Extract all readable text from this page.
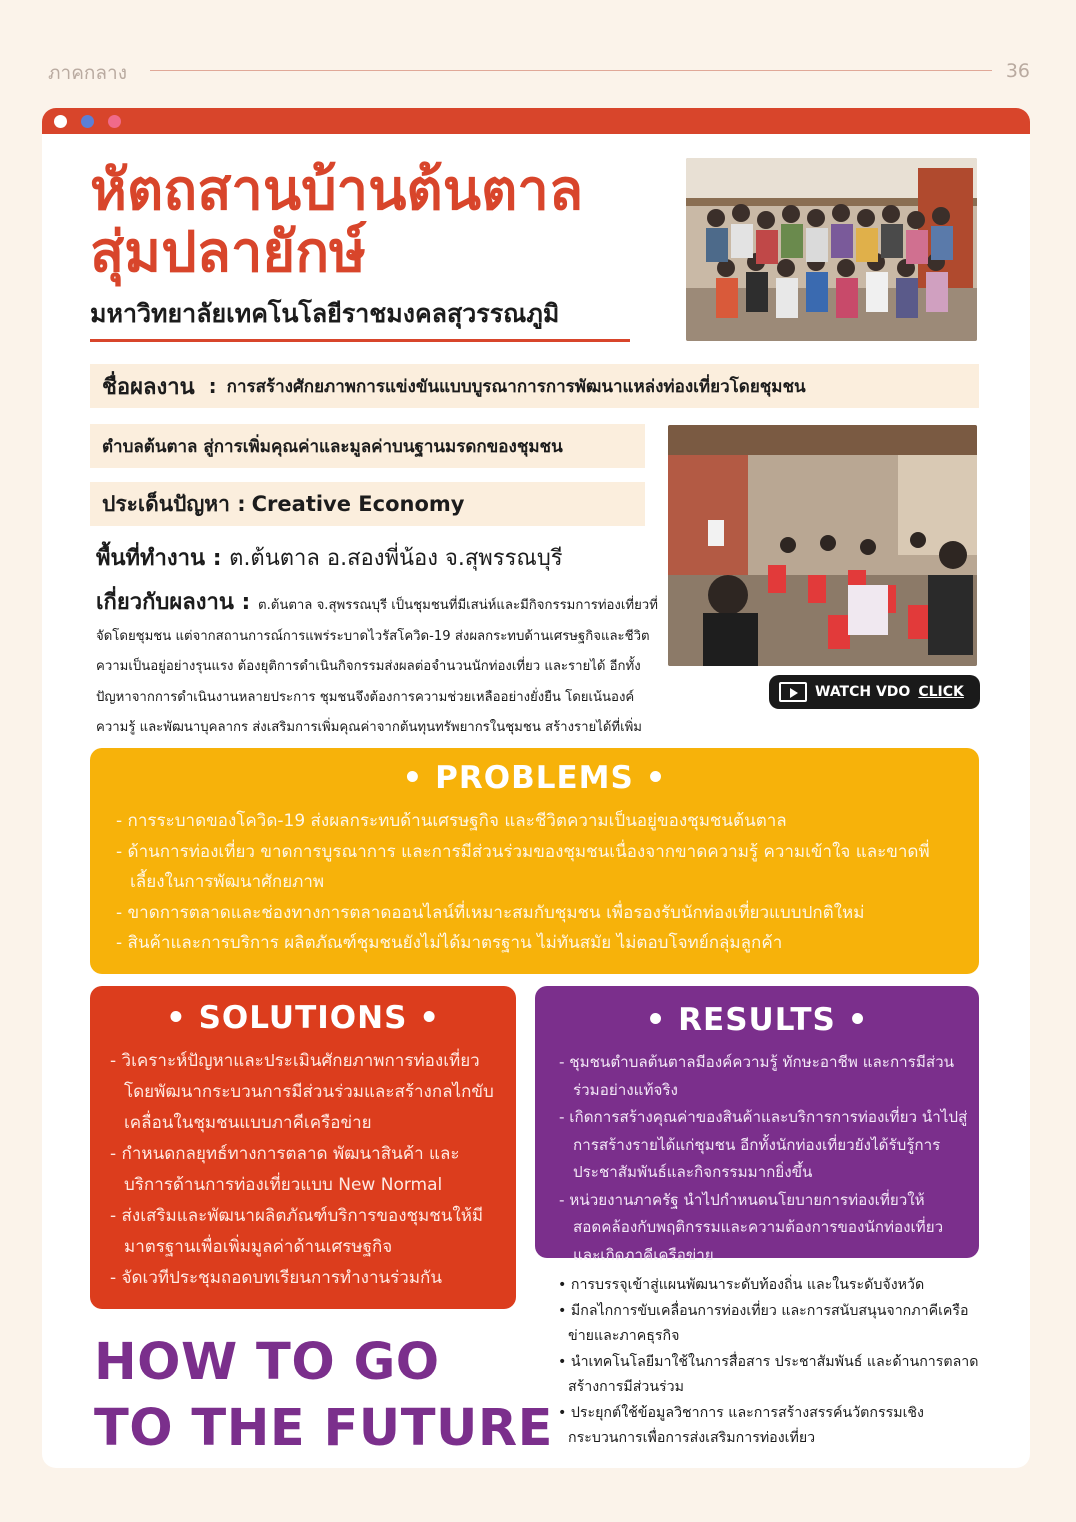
ภาคกลาง	36
หัตถสานบ้านต้นตาล
สุ่มปลายักษ์
มหาวิทยาลัยเทคโนโลยีราชมงคลสุวรรณภูมิ
ชื่อผลงาน : การสร้างศักยภาพการแข่งขันแบบบูรณาการการพัฒนาแหล่งท่องเที่ยวโดยชุมชน
ตำบลต้นตาล สู่การเพิ่มคุณค่าและมูลค่าบนฐานมรดกของชุมชน
ประเด็นปัญหา : Creative Economy
พื้นที่ทำงาน : ต.ต้นตาล อ.สองพี่น้อง จ.สุพรรณบุรี
เกี่ยวกับผลงาน : ต.ต้นตาล จ.สุพรรณบุรี เป็นชุมชนที่มีเสน่ห์และมีกิจกรรมการท่องเที่ยวที่จัดโดยชุมชน แต่จากสถานการณ์การแพร่ระบาดไวรัสโควิด-19 ส่งผลกระทบด้านเศรษฐกิจและชีวิตความเป็นอยู่อย่างรุนแรง ต้องยุติการดำเนินกิจกรรมส่งผลต่อจำนวนนักท่องเที่ยว และรายได้ อีกทั้งปัญหาจากการดำเนินงานหลายประการ ชุมชนจึงต้องการความช่วยเหลืออย่างยั่งยืน โดยเน้นองค์ความรู้ และพัฒนาบุคลากร ส่งเสริมการเพิ่มคุณค่าจากต้นทุนทรัพยากรในชุมชน สร้างรายได้ที่เพิ่ม
WATCH VDO CLICK
• PROBLEMS •
- การระบาดของโควิด-19 ส่งผลกระทบด้านเศรษฐกิจ และชีวิตความเป็นอยู่ของชุมชนต้นตาล
- ด้านการท่องเที่ยว ขาดการบูรณาการ และการมีส่วนร่วมของชุมชนเนื่องจากขาดความรู้ ความเข้าใจ และขาดพี่เลี้ยงในการพัฒนาศักยภาพ
- ขาดการตลาดและช่องทางการตลาดออนไลน์ที่เหมาะสมกับชุมชน เพื่อรองรับนักท่องเที่ยวแบบปกติใหม่
- สินค้าและการบริการ ผลิตภัณฑ์ชุมชนยังไม่ได้มาตรฐาน ไม่ทันสมัย ไม่ตอบโจทย์กลุ่มลูกค้า
• SOLUTIONS •
- วิเคราะห์ปัญหาและประเมินศักยภาพการท่องเที่ยว โดยพัฒนากระบวนการมีส่วนร่วมและสร้างกลไกขับเคลื่อนในชุมชนแบบภาคีเครือข่าย
- กำหนดกลยุทธ์ทางการตลาด พัฒนาสินค้า และบริการด้านการท่องเที่ยวแบบ New Normal
- ส่งเสริมและพัฒนาผลิตภัณฑ์บริการของชุมชนให้มีมาตรฐานเพื่อเพิ่มมูลค่าด้านเศรษฐกิจ
- จัดเวทีประชุมถอดบทเรียนการทำงานร่วมกัน
• RESULTS •
- ชุมชนตำบลต้นตาลมีองค์ความรู้ ทักษะอาชีพ และการมีส่วนร่วมอย่างแท้จริง
- เกิดการสร้างคุณค่าของสินค้าและบริการการท่องเที่ยว นำไปสู่การสร้างรายได้แก่ชุมชน อีกทั้งนักท่องเที่ยวยังได้รับรู้การประชาสัมพันธ์และกิจกรรมมากยิ่งขึ้น
- หน่วยงานภาครัฐ นำไปกำหนดนโยบายการท่องเที่ยวให้สอดคล้องกับพฤติกรรมและความต้องการของนักท่องเที่ยวและเกิดภาคีเครือข่าย
HOW TO GO
TO THE FUTURE
• การบรรจุเข้าสู่แผนพัฒนาระดับท้องถิ่น และในระดับจังหวัด
• มีกลไกการขับเคลื่อนการท่องเที่ยว และการสนับสนุนจากภาคีเครือข่ายและภาคธุรกิจ
• นำเทคโนโลยีมาใช้ในการสื่อสาร ประชาสัมพันธ์ และด้านการตลาด สร้างการมีส่วนร่วม
• ประยุกต์ใช้ข้อมูลวิชาการ และการสร้างสรรค์นวัตกรรมเชิงกระบวนการเพื่อการส่งเสริมการท่องเที่ยว
